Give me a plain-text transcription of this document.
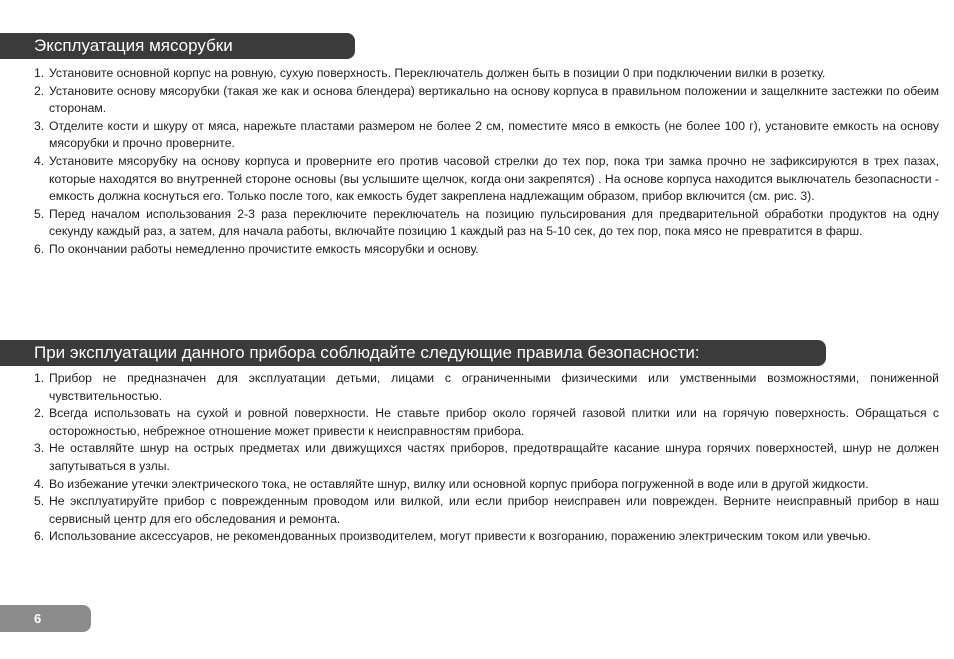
Эксплуатация мясорубки
1. Установите основной корпус на ровную, сухую поверхность. Переключатель должен быть в позиции 0 при подключении вилки в розетку.
2. Установите основу мясорубки (такая же как и основа блендера) вертикально на основу корпуса в правильном положении и защелкните застежки по обеим сторонам.
3. Отделите кости и шкуру от мяса, нарежьте пластами размером не более 2 см, поместите мясо в емкость (не более 100 г), установите емкость на основу мясорубки и прочно проверните.
4. Установите мясорубку на основу корпуса и проверните его против часовой стрелки до тех пор, пока три замка прочно не зафиксируются в трех пазах, которые находятся во внутренней стороне основы (вы услышите щелчок, когда они закрепятся) . На основе корпуса находится выключатель безопасности - емкость должна коснуться его. Только после того, как емкость будет закреплена надлежащим образом, прибор включится (см. рис. 3).
5. Перед началом использования 2-3 раза переключите переключатель на позицию пульсирования для предварительной обработки продуктов на одну секунду каждый раз, а затем, для начала работы, включайте позицию 1 каждый раз на 5-10 сек, до тех пор, пока мясо не превратится в фарш.
6. По окончании работы немедленно прочистите емкость мясорубки и основу.
При эксплуатации данного прибора соблюдайте следующие правила безопасности:
1. Прибор не предназначен для эксплуатации детьми, лицами с ограниченными физическими или умственными возможностями, пониженной чувствительностью.
2. Всегда использовать на сухой и ровной поверхности. Не ставьте прибор около горячей газовой плитки или на горячую поверхность. Обращаться с осторожностью, небрежное отношение может привести к неисправностям прибора.
3. Не оставляйте шнур на острых предметах или движущихся частях приборов, предотвращайте касание шнура горячих поверхностей, шнур не должен запутываться в узлы.
4. Во избежание утечки электрического тока, не оставляйте шнур, вилку или основной корпус прибора погруженной в воде или в другой жидкости.
5. Не эксплуатируйте прибор с поврежденным проводом или вилкой, или если прибор неисправен или поврежден. Верните неисправный прибор в наш сервисный центр для его обследования и ремонта.
6. Использование аксессуаров, не рекомендованных производителем, могут привести к возгоранию, поражению электрическим током или увечью.
6
